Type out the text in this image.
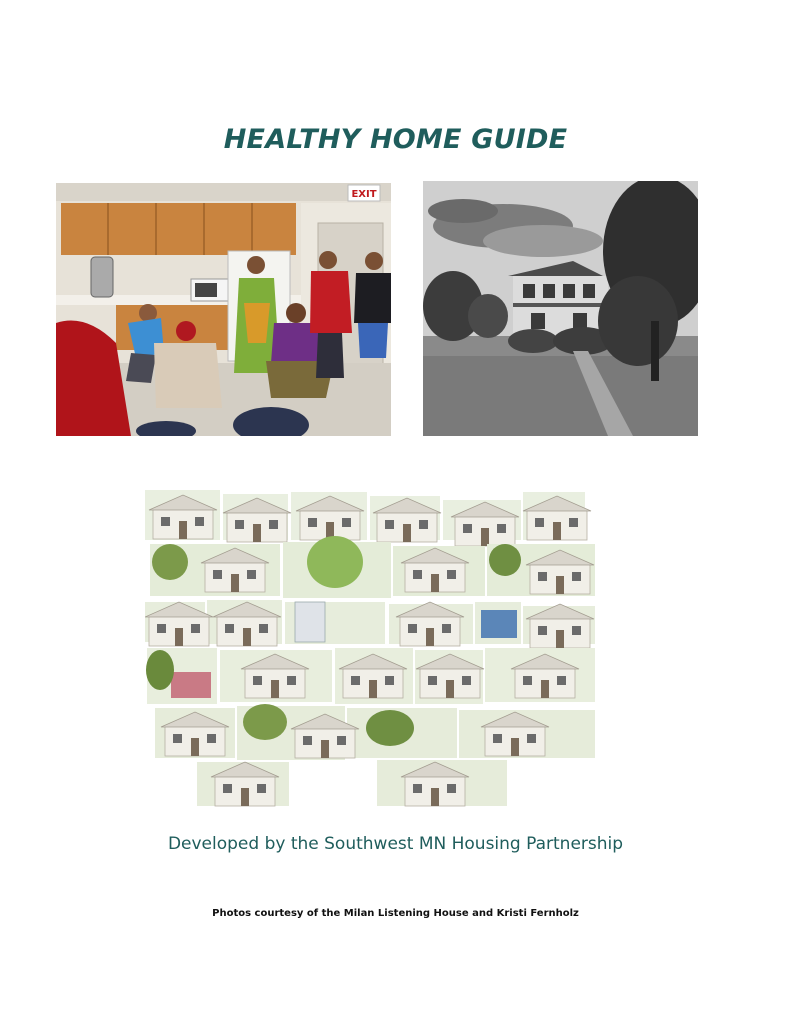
HEALTHY HOME GUIDE
EXIT
Developed by the Southwest MN Housing Partnership
Photos courtesy of the Milan Listening House and Kristi Fernholz
